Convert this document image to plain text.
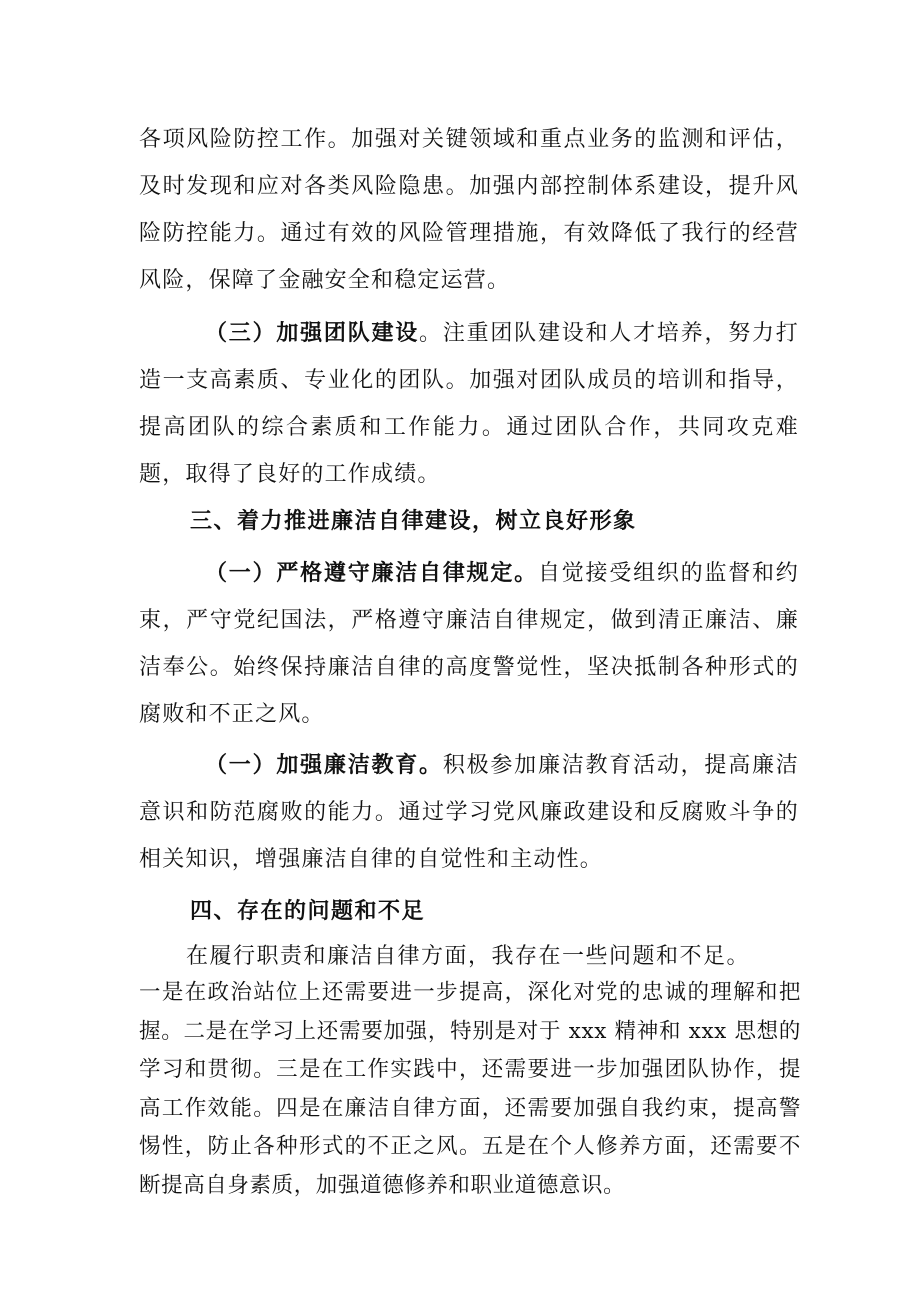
各项风险防控工作。加强对关键领域和重点业务的监测和评估，及时发现和应对各类风险隐患。加强内部控制体系建设，提升风险防控能力。通过有效的风险管理措施，有效降低了我行的经营风险，保障了金融安全和稳定运营。

（三）加强团队建设。注重团队建设和人才培养，努力打造一支高素质、专业化的团队。加强对团队成员的培训和指导，提高团队的综合素质和工作能力。通过团队合作，共同攻克难题，取得了良好的工作成绩。

三、着力推进廉洁自律建设，树立良好形象

（一）严格遵守廉洁自律规定。自觉接受组织的监督和约束，严守党纪国法，严格遵守廉洁自律规定，做到清正廉洁、廉洁奉公。始终保持廉洁自律的高度警觉性，坚决抵制各种形式的腐败和不正之风。

（一）加强廉洁教育。积极参加廉洁教育活动，提高廉洁意识和防范腐败的能力。通过学习党风廉政建设和反腐败斗争的相关知识，增强廉洁自律的自觉性和主动性。

四、存在的问题和不足

在履行职责和廉洁自律方面，我存在一些问题和不足。

一是在政治站位上还需要进一步提高，深化对党的忠诚的理解和把握。二是在学习上还需要加强，特别是对于 xxx 精神和 xxx 思想的学习和贯彻。三是在工作实践中，还需要进一步加强团队协作，提高工作效能。四是在廉洁自律方面，还需要加强自我约束，提高警惕性，防止各种形式的不正之风。五是在个人修养方面，还需要不断提高自身素质，加强道德修养和职业道德意识。
